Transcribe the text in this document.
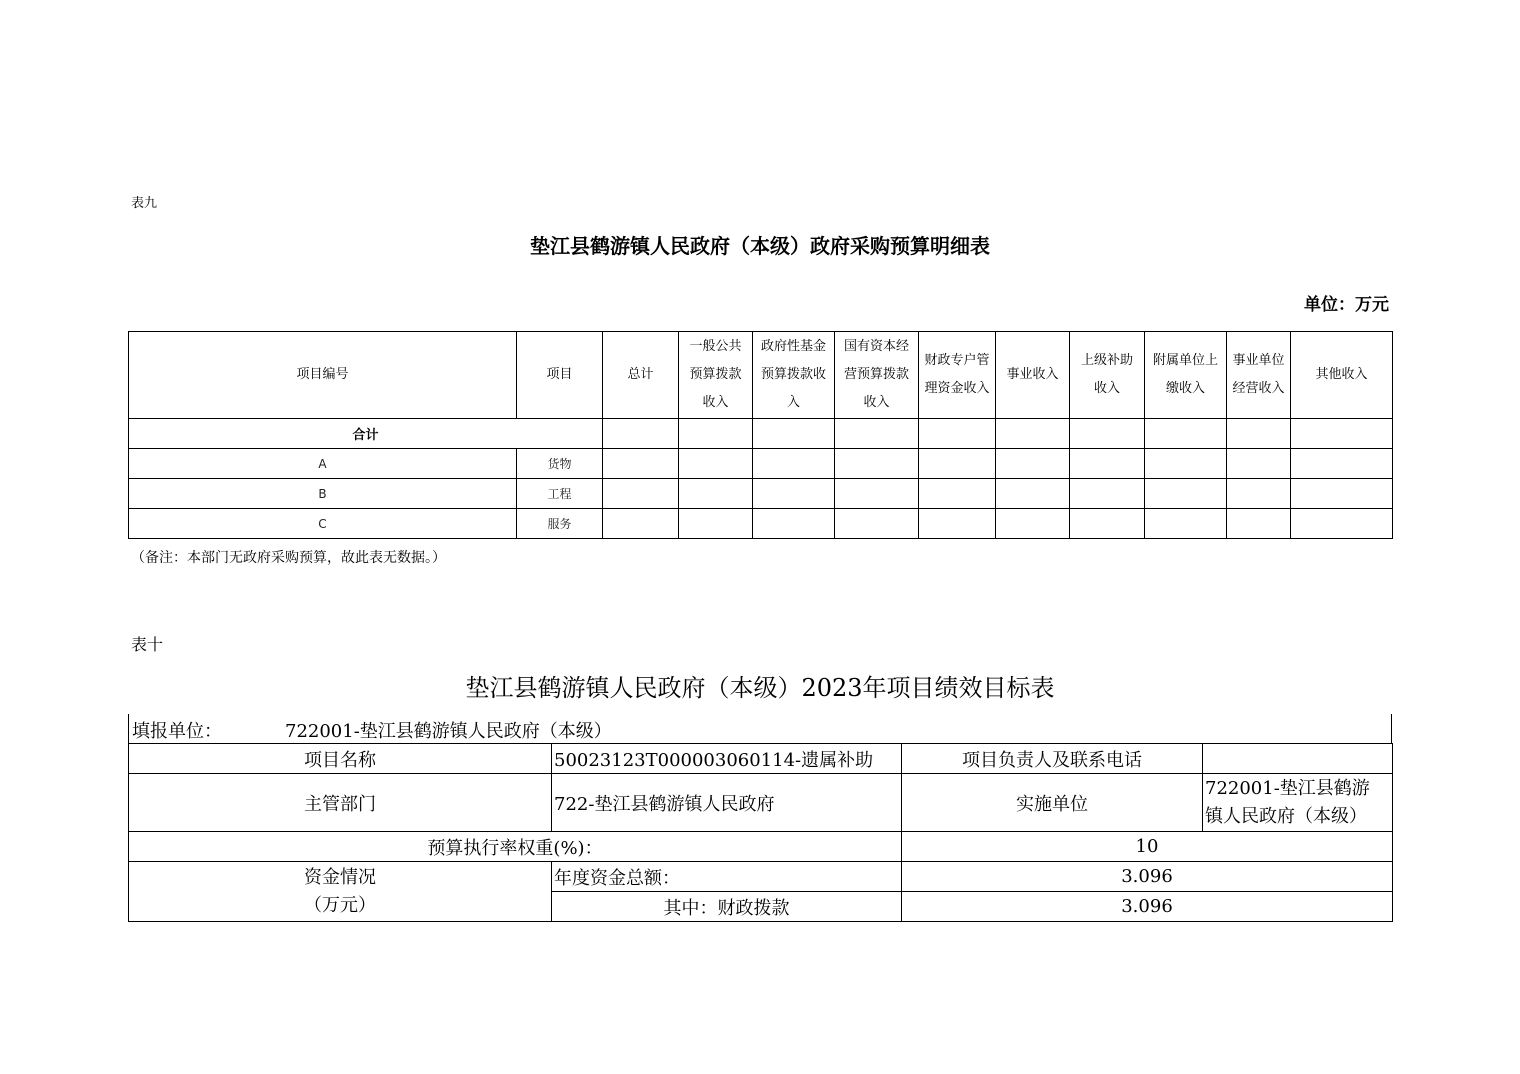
表九
垫江县鹤游镇人民政府（本级）政府采购预算明细表
单位：万元
项目编号	项目	总计	一般公共
预算拨款
收入	政府性基金
预算拨款收
入	国有资本经
营预算拨款
收入	财政专户管
理资金收入	事业收入	上级补助
收入	附属单位上
缴收入	事业单位
经营收入	其他收入
合计											
A	货物										
B	工程										
C	服务										
（备注：本部门无政府采购预算，故此表无数据。）
表十
垫江县鹤游镇人民政府（本级）2023年项目绩效目标表
填报单位：	722001-垫江县鹤游镇人民政府（本级）
项目名称	50023123T000003060114-遗属补助	项目负责人及联系电话	
主管部门	722-垫江县鹤游镇人民政府	实施单位	722001-垫江县鹤游
镇人民政府（本级）
预算执行率权重(%)：		10	
资金情况
（万元）	年度资金总额：	3.096	
	其中：财政拨款	3.096	
